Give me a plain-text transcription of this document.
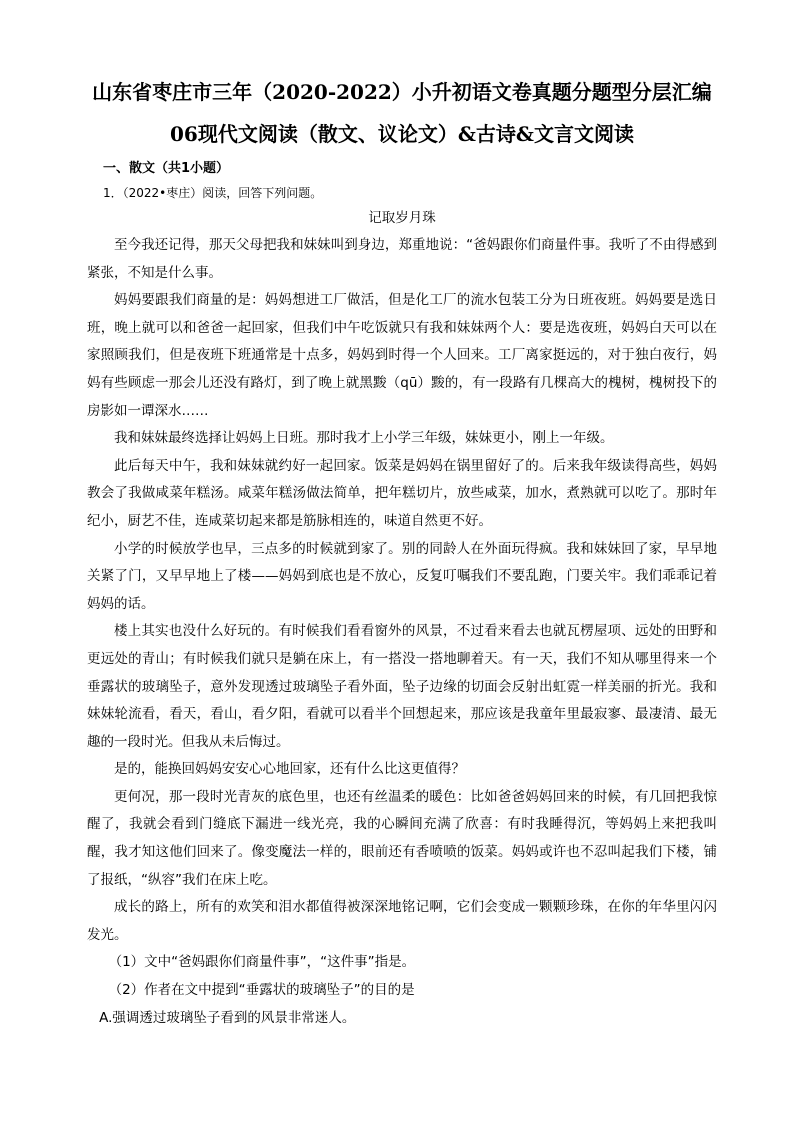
山东省枣庄市三年（2020-2022）小升初语文卷真题分题型分层汇编
06现代文阅读（散文、议论文）&古诗&文言文阅读
一、散文（共1小题）
1．（2022•枣庄）阅读，回答下列问题。
记取岁月珠

至今我还记得，那天父母把我和妹妹叫到身边，郑重地说：“爸妈跟你们商量件事。我听了不由得感到紧张，不知是什么事。

妈妈要跟我们商量的是：妈妈想进工厂做活，但是化工厂的流水包装工分为日班夜班。妈妈要是选日班，晚上就可以和爸爸一起回家，但我们中午吃饭就只有我和妹妹两个人：要是选夜班，妈妈白天可以在家照顾我们，但是夜班下班通常是十点多，妈妈到时得一个人回来。工厂离家挺远的，对于独白夜行，妈妈有些顾虑一那会儿还没有路灯，到了晚上就黑黢（qū）黢的，有一段路有几棵高大的槐树，槐树投下的房影如一谭深水……

我和妹妹最终选择让妈妈上日班。那时我才上小学三年级，妹妹更小，刚上一年级。

此后每天中午，我和妹妹就约好一起回家。饭菜是妈妈在锅里留好了的。后来我年级读得高些，妈妈教会了我做咸菜年糕汤。咸菜年糕汤做法简单，把年糕切片，放些咸菜，加水，煮熟就可以吃了。那时年纪小，厨艺不佳，连咸菜切起来都是筋脉相连的，味道自然更不好。

小学的时候放学也早，三点多的时候就到家了。别的同龄人在外面玩得疯。我和妹妹回了家，早早地关紧了门，又早早地上了楼——妈妈到底也是不放心，反复叮嘱我们不要乱跑，门要关牢。我们乖乖记着妈妈的话。

楼上其实也没什么好玩的。有时候我们看看窗外的风景，不过看来看去也就瓦楞屋项、远处的田野和更远处的青山；有时候我们就只是躺在床上，有一搭没一搭地聊着天。有一天，我们不知从哪里得来一个垂露状的玻璃坠子，意外发现透过玻璃坠子看外面，坠子边缘的切面会反射出虹霓一样美丽的折光。我和妹妹轮流看，看天，看山，看夕阳，看就可以看半个回想起来，那应该是我童年里最寂寥、最凄清、最无趣的一段时光。但我从未后悔过。

是的，能换回妈妈安安心心地回家，还有什么比这更值得？

更何况，那一段时光青灰的底色里，也还有丝温柔的暖色：比如爸爸妈妈回来的时候，有几回把我惊醒了，我就会看到门缝底下漏进一线光亮，我的心瞬间充满了欣喜：有时我睡得沉，等妈妈上来把我叫醒，我才知这他们回来了。像变魔法一样的，眼前还有香喷喷的饭菜。妈妈或许也不忍叫起我们下楼，铺了报纸，“纵容”我们在床上吃。

成长的路上，所有的欢笑和泪水都值得被深深地铭记啊，它们会变成一颗颗珍珠，在你的年华里闪闪发光。

（1）文中“爸妈跟你们商量件事”，“这件事”指是。

（2）作者在文中提到“垂露状的玻璃坠子”的目的是

A.强调透过玻璃坠子看到的风景非常迷人。
